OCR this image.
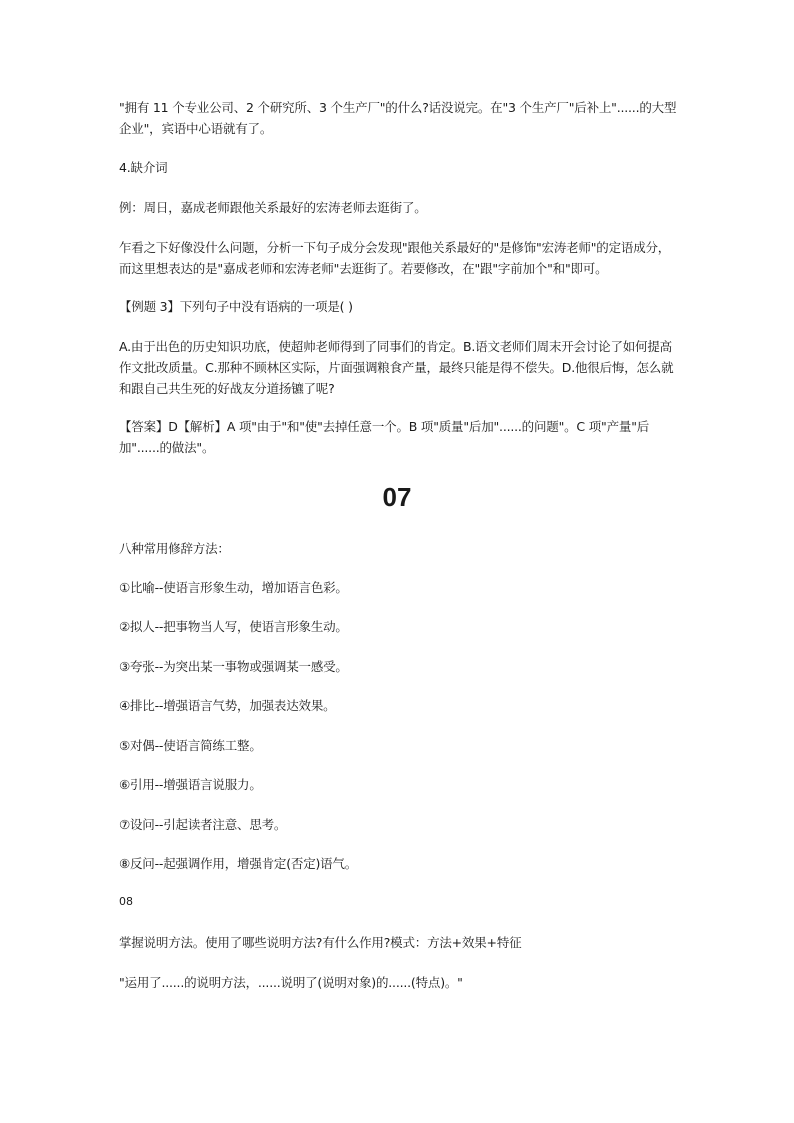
"拥有 11 个专业公司、2 个研究所、3 个生产厂"的什么?话没说完。在"3 个生产厂"后补上"......的大型企业"，宾语中心语就有了。

4.缺介词

例：周日，嘉成老师跟他关系最好的宏涛老师去逛街了。

乍看之下好像没什么问题，分析一下句子成分会发现"跟他关系最好的"是修饰"宏涛老师"的定语成分，而这里想表达的是"嘉成老师和宏涛老师"去逛街了。若要修改，在"跟"字前加个"和"即可。

【例题 3】下列句子中没有语病的一项是( )

A.由于出色的历史知识功底，使超帅老师得到了同事们的肯定。B.语文老师们周末开会讨论了如何提高作文批改质量。C.那种不顾林区实际，片面强调粮食产量，最终只能是得不偿失。D.他很后悔，怎么就和跟自己共生死的好战友分道扬镳了呢?

【答案】D【解析】A 项"由于"和"使"去掉任意一个。B 项"质量"后加"......的问题"。C 项"产量"后加"......的做法"。

07

八种常用修辞方法：

①比喻--使语言形象生动，增加语言色彩。

②拟人--把事物当人写，使语言形象生动。

③夸张--为突出某一事物或强调某一感受。

④排比--增强语言气势，加强表达效果。

⑤对偶--使语言简练工整。

⑥引用--增强语言说服力。

⑦设问--引起读者注意、思考。

⑧反问--起强调作用，增强肯定(否定)语气。

08

掌握说明方法。使用了哪些说明方法?有什么作用?模式：方法+效果+特征

"运用了......的说明方法，......说明了(说明对象)的......(特点)。"
